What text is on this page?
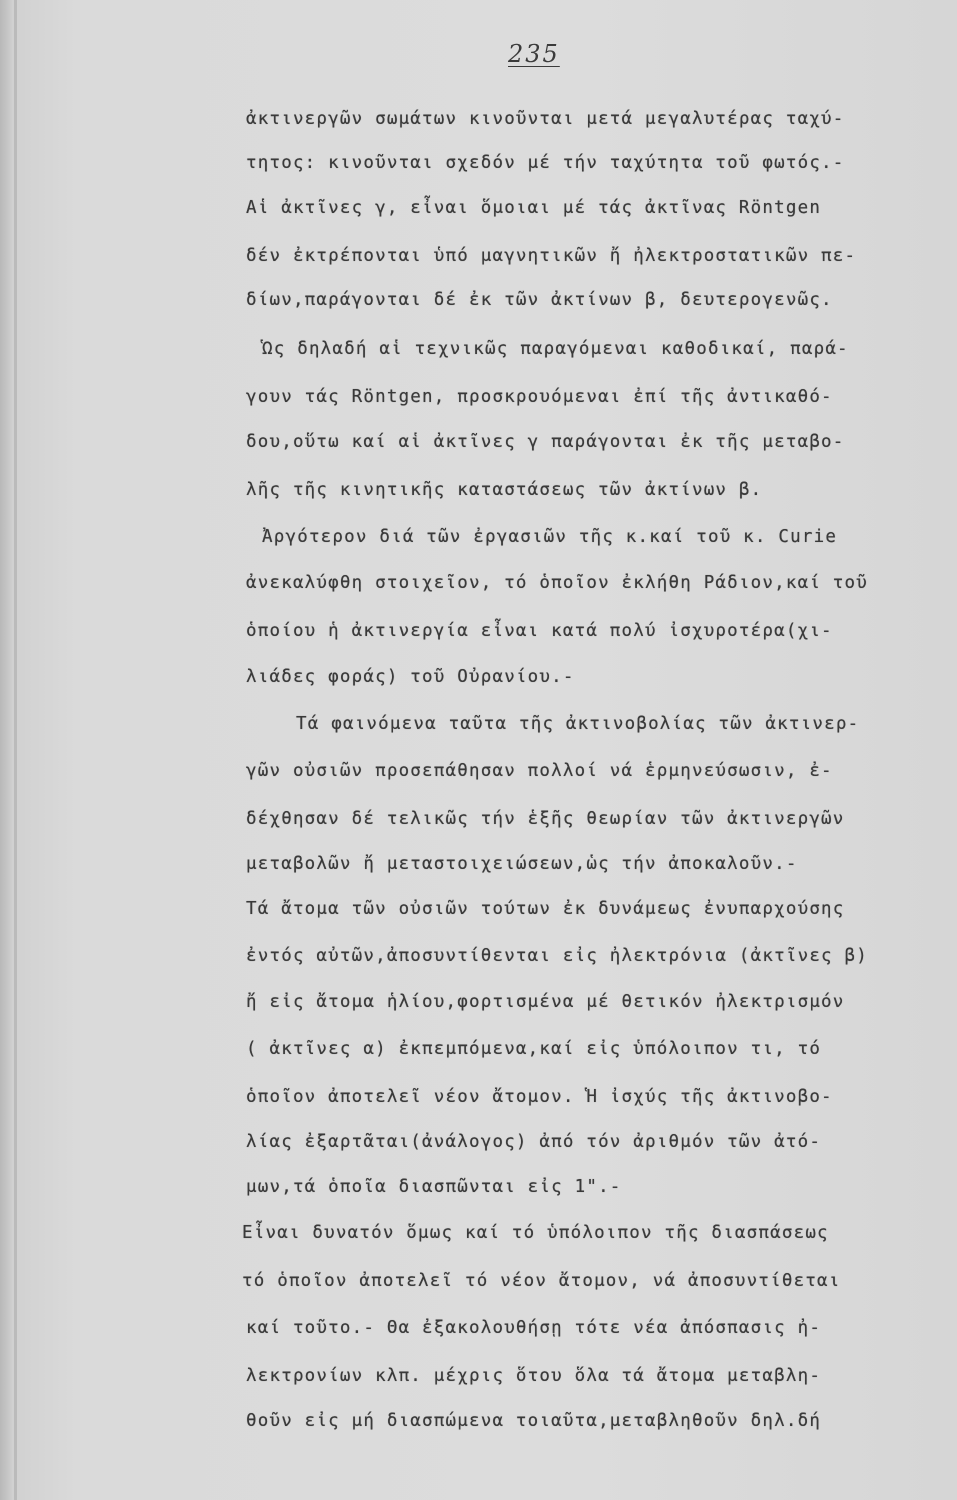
235
ἀκτινεργῶν σωμάτων κινοῦνται μετά μεγαλυτέρας ταχύ-
τητος: κινοῦνται σχεδόν μέ τήν ταχύτητα τοῦ φωτός.-
Αἱ ἀκτῖνες γ, εἶναι ὅμοιαι μέ τάς ἀκτῖνας Röntgen
δέν ἐκτρέπονται ὑπό μαγνητικῶν ἤ ἠλεκτροστατικῶν πε-
δίων,παράγονται δέ ἐκ τῶν ἀκτίνων β, δευτερογενῶς.
Ὡς δηλαδή αἱ τεχνικῶς παραγόμεναι καθοδικαί, παρά-
γουν τάς Röntgen, προσκρουόμεναι ἐπί τῆς ἀντικαθό-
δου,οὕτω καί αἱ ἀκτῖνες γ παράγονται ἐκ τῆς μεταβο-
λῆς τῆς κινητικῆς καταστάσεως τῶν ἀκτίνων β.
Ἀργότερον διά τῶν ἐργασιῶν τῆς κ.καί τοῦ κ. Curie
ἀνεκαλύφθη στοιχεῖον, τό ὁποῖον ἐκλήθη Ράδιον,καί τοῦ
ὁποίου ἡ ἀκτινεργία εἶναι κατά πολύ ἰσχυροτέρα(χι-
λιάδες φοράς) τοῦ Οὐρανίου.-
Τά φαινόμενα ταῦτα τῆς ἀκτινοβολίας τῶν ἀκτινερ-
γῶν οὐσιῶν προσεπάθησαν πολλοί νά ἑρμηνεύσωσιν, ἐ-
δέχθησαν δέ τελικῶς τήν ἑξῆς θεωρίαν τῶν ἀκτινεργῶν
μεταβολῶν ἤ μεταστοιχειώσεων,ὡς τήν ἀποκαλοῦν.-
Τά ἄτομα τῶν οὐσιῶν τούτων ἐκ δυνάμεως ἐνυπαρχούσης
ἐντός αὐτῶν,ἀποσυντίθενται εἰς ἠλεκτρόνια (ἀκτῖνες β)
ἤ εἰς ἄτομα ἡλίου,φορτισμένα μέ θετικόν ἠλεκτρισμόν
( ἀκτῖνες α) ἐκπεμπόμενα,καί εἰς ὑπόλοιπον τι, τό
ὁποῖον ἀποτελεῖ νέον ἄτομον. Ἡ ἰσχύς τῆς ἀκτινοβο-
λίας ἐξαρτᾶται(ἀνάλογος) ἀπό τόν ἀριθμόν τῶν ἀτό-
μων,τά ὁποῖα διασπῶνται εἰς 1".-
Εἶναι δυνατόν ὅμως καί τό ὑπόλοιπον τῆς διασπάσεως
τό ὁποῖον ἀποτελεῖ τό νέον ἄτομον, νά ἀποσυντίθεται
καί τοῦτο.- Θα ἐξακολουθήσῃ τότε νέα ἀπόσπασις ἠ-
λεκτρονίων κλπ. μέχρις ὅτου ὅλα τά ἄτομα μεταβλη-
θοῦν εἰς μή διασπώμενα τοιαῦτα,μεταβληθοῦν δηλ.δή
